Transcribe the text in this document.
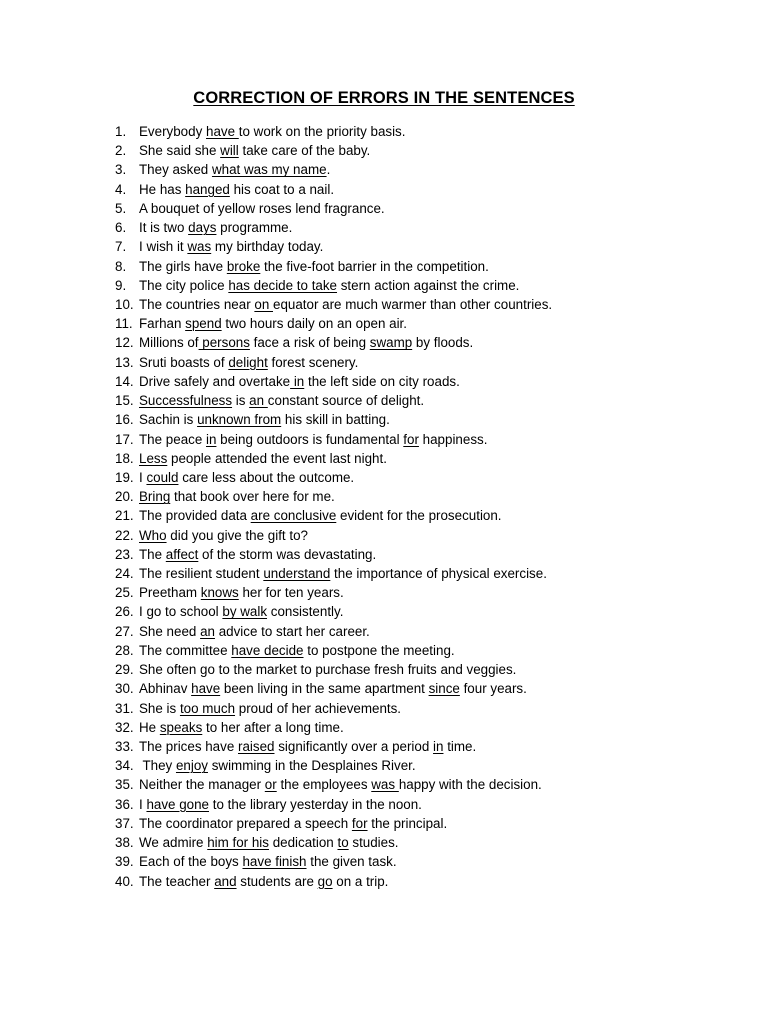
CORRECTION OF ERRORS IN THE SENTENCES
1. Everybody have to work on the priority basis.
2. She said she will take care of the baby.
3. They asked what was my name.
4. He has hanged his coat to a nail.
5. A bouquet of yellow roses lend fragrance.
6. It is two days programme.
7. I wish it was my birthday today.
8. The girls have broke the five-foot barrier in the competition.
9. The city police has decide to take stern action against the crime.
10. The countries near on equator are much warmer than other countries.
11. Farhan spend two hours daily on an open air.
12. Millions of persons face a risk of being swamp by floods.
13. Sruti boasts of delight forest scenery.
14. Drive safely and overtake in the left side on city roads.
15. Successfulness is an constant source of delight.
16. Sachin is unknown from his skill in batting.
17. The peace in being outdoors is fundamental for happiness.
18. Less people attended the event last night.
19. I could care less about the outcome.
20. Bring that book over here for me.
21. The provided data are conclusive evident for the prosecution.
22. Who did you give the gift to?
23. The affect of the storm was devastating.
24. The resilient student understand the importance of physical exercise.
25. Preetham knows her for ten years.
26. I go to school by walk consistently.
27. She need an advice to start her career.
28. The committee have decide to postpone the meeting.
29. She often go to the market to purchase fresh fruits and veggies.
30. Abhinav have been living in the same apartment since four years.
31. She is too much proud of her achievements.
32. He speaks to her after a long time.
33. The prices have raised significantly over a period in time.
34. They enjoy swimming in the Desplaines River.
35. Neither the manager or the employees was happy with the decision.
36. I have gone to the library yesterday in the noon.
37. The coordinator prepared a speech for the principal.
38. We admire him for his dedication to studies.
39. Each of the boys have finish the given task.
40. The teacher and students are go on a trip.
